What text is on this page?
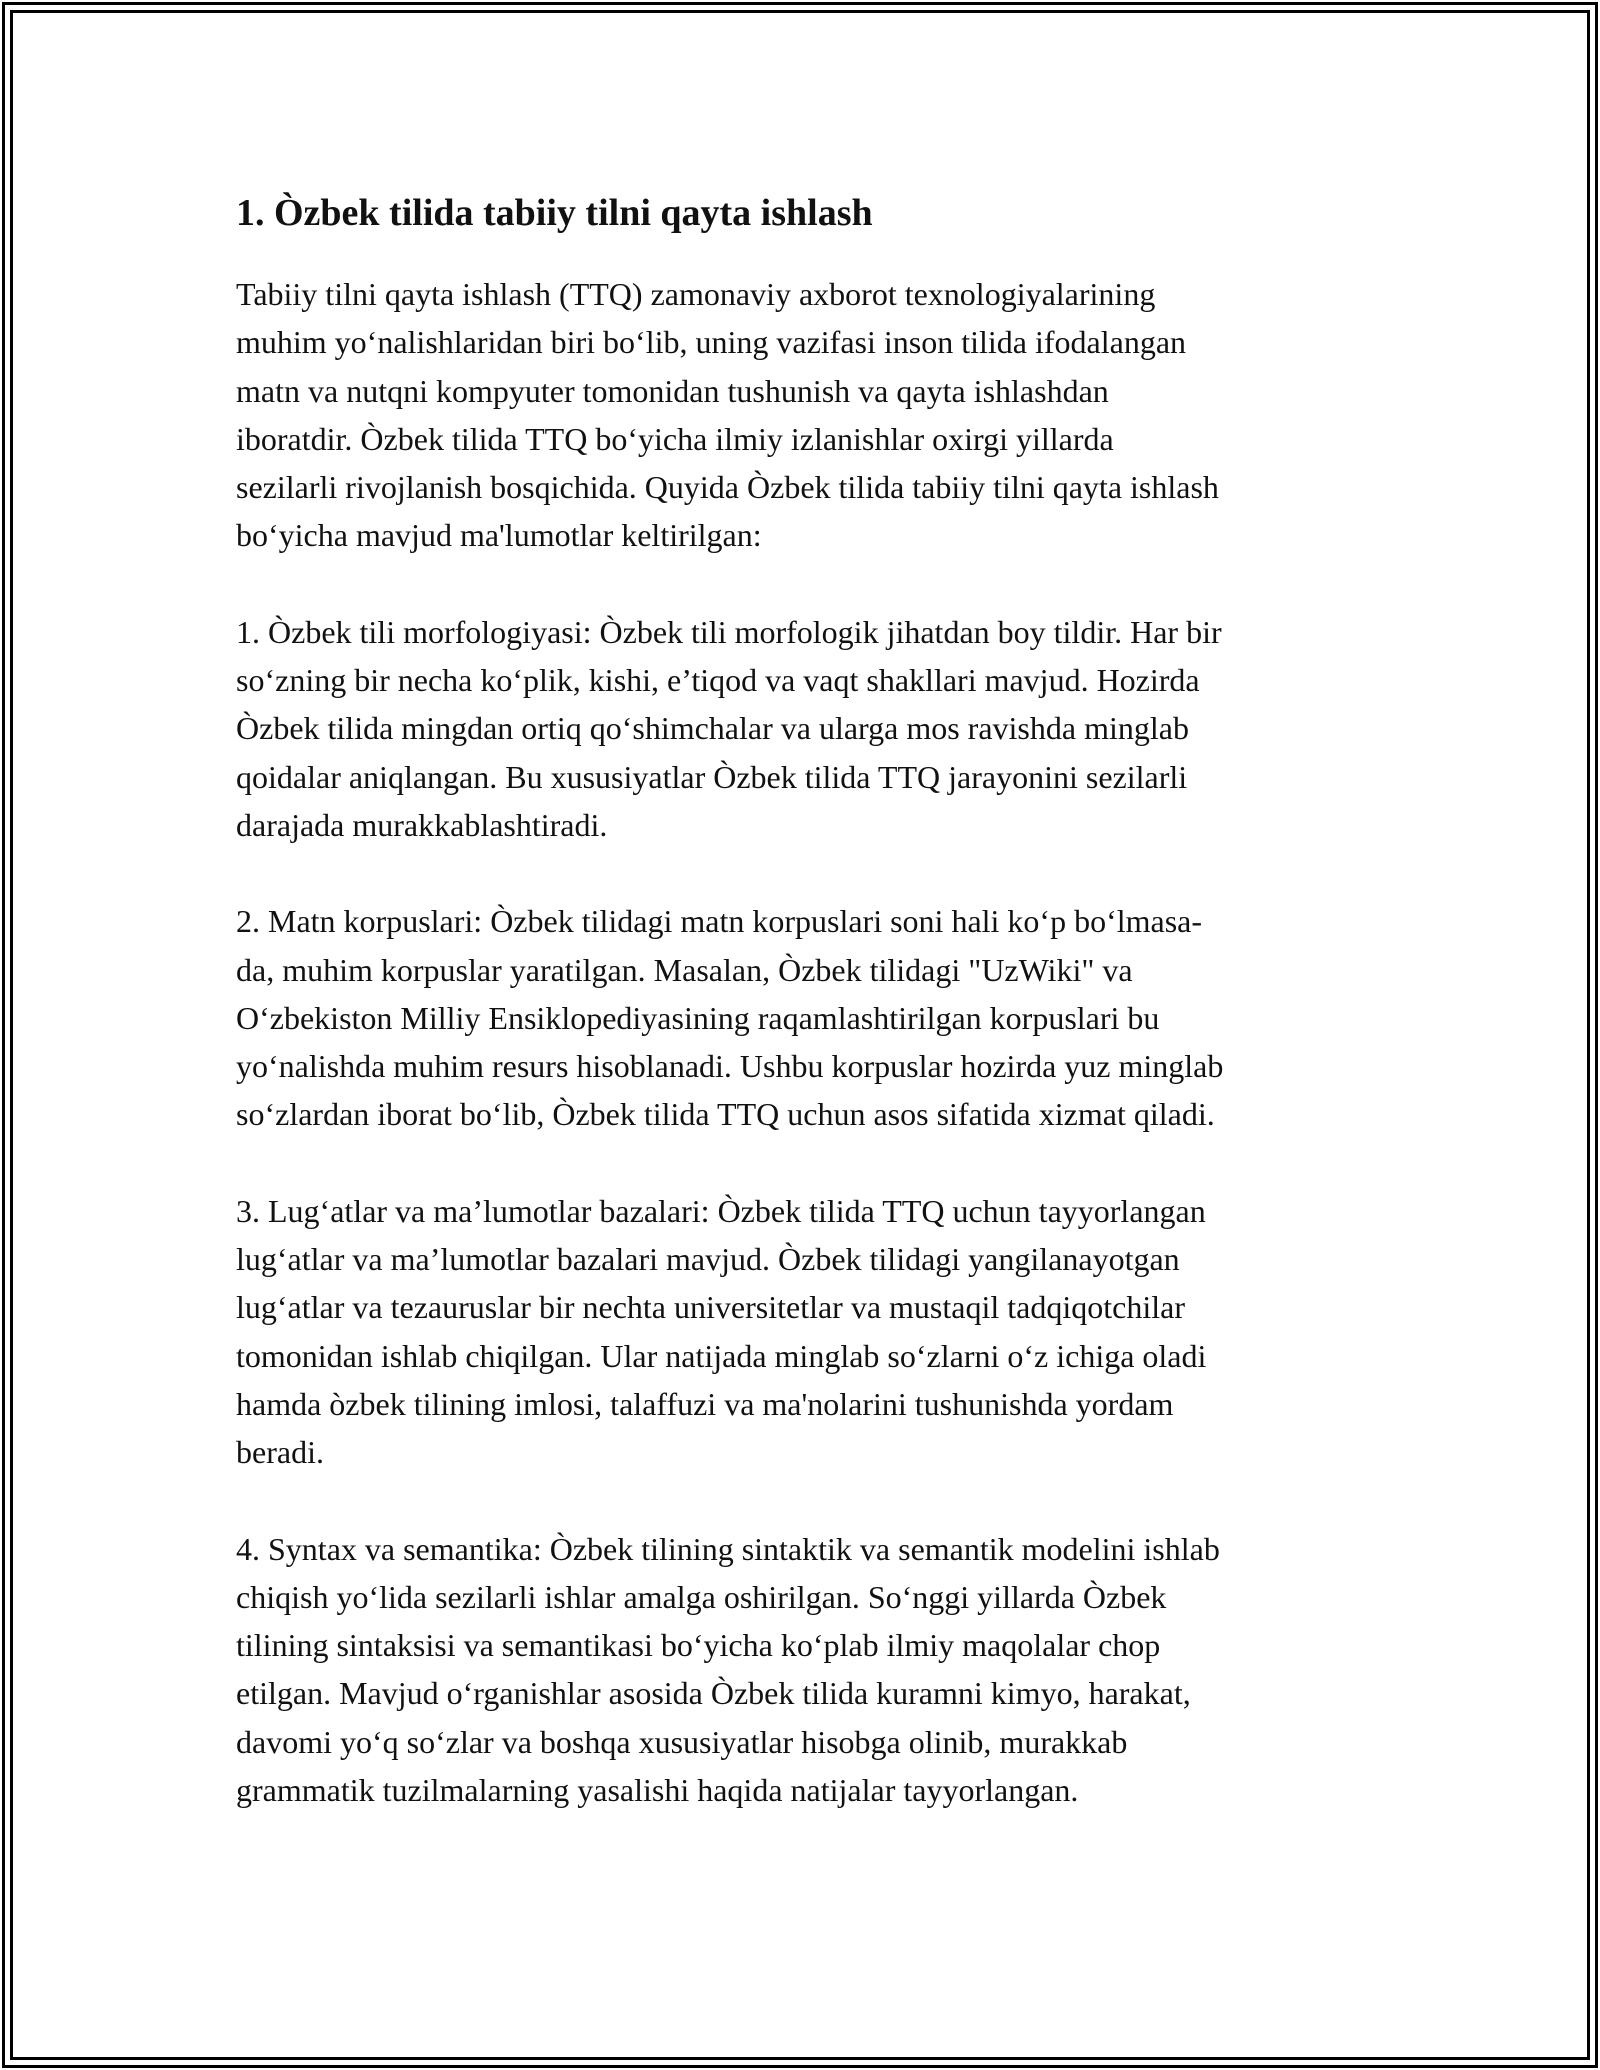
1. Òzbek tilida tabiiy tilni qayta ishlash

Tabiiy tilni qayta ishlash (TTQ) zamonaviy axborot texnologiyalarining
muhim yo‘nalishlaridan biri bo‘lib, uning vazifasi inson tilida ifodalangan
matn va nutqni kompyuter tomonidan tushunish va qayta ishlashdan
iboratdir. Òzbek tilida TTQ bo‘yicha ilmiy izlanishlar oxirgi yillarda
sezilarli rivojlanish bosqichida. Quyida Òzbek tilida tabiiy tilni qayta ishlash
bo‘yicha mavjud ma'lumotlar keltirilgan:

1. Òzbek tili morfologiyasi: Òzbek tili morfologik jihatdan boy tildir. Har bir
so‘zning bir necha ko‘plik, kishi, e’tiqod va vaqt shakllari mavjud. Hozirda
Òzbek tilida mingdan ortiq qo‘shimchalar va ularga mos ravishda minglab
qoidalar aniqlangan. Bu xususiyatlar Òzbek tilida TTQ jarayonini sezilarli
darajada murakkablashtiradi.

2. Matn korpuslari: Òzbek tilidagi matn korpuslari soni hali ko‘p bo‘lmasa-
da, muhim korpuslar yaratilgan. Masalan, Òzbek tilidagi "UzWiki" va
O‘zbekiston Milliy Ensiklopediyasining raqamlashtirilgan korpuslari bu
yo‘nalishda muhim resurs hisoblanadi. Ushbu korpuslar hozirda yuz minglab
so‘zlardan iborat bo‘lib, Òzbek tilida TTQ uchun asos sifatida xizmat qiladi.

3. Lug‘atlar va ma’lumotlar bazalari: Òzbek tilida TTQ uchun tayyorlangan
lug‘atlar va ma’lumotlar bazalari mavjud. Òzbek tilidagi yangilanayotgan
lug‘atlar va tezauruslar bir nechta universitetlar va mustaqil tadqiqotchilar
tomonidan ishlab chiqilgan. Ular natijada minglab so‘zlarni o‘z ichiga oladi
hamda òzbek tilining imlosi, talaffuzi va ma'nolarini tushunishda yordam
beradi.

4. Syntax va semantika: Òzbek tilining sintaktik va semantik modelini ishlab
chiqish yo‘lida sezilarli ishlar amalga oshirilgan. So‘nggi yillarda Òzbek
tilining sintaksisi va semantikasi bo‘yicha ko‘plab ilmiy maqolalar chop
etilgan. Mavjud o‘rganishlar asosida Òzbek tilida kuramni kimyo, harakat,
davomi yo‘q so‘zlar va boshqa xususiyatlar hisobga olinib, murakkab
grammatik tuzilmalarning yasalishi haqida natijalar tayyorlangan.
